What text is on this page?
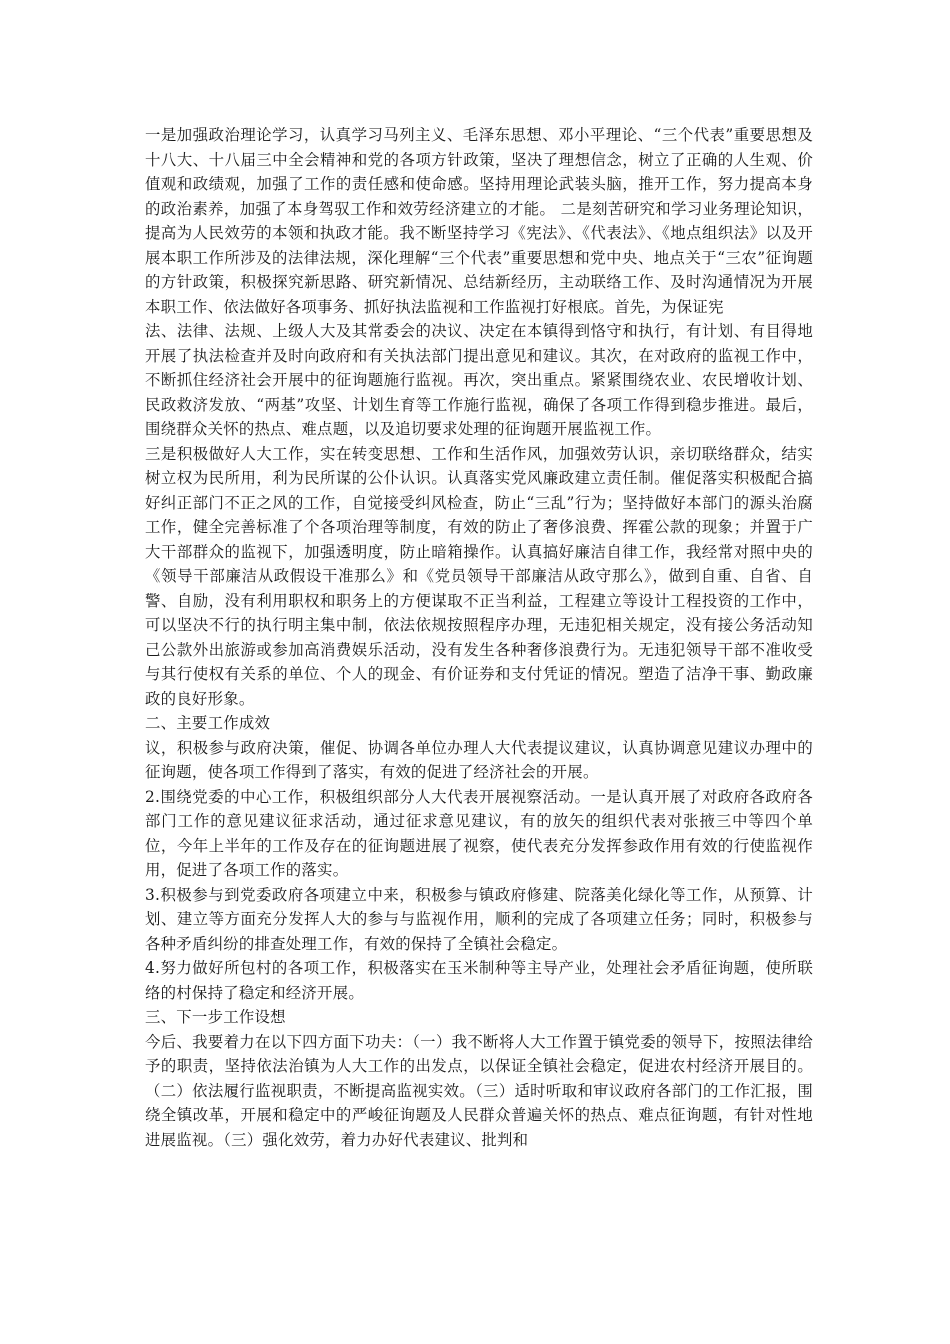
一是加强政治理论学习，认真学习马列主义、毛泽东思想、邓小平理论、“三个代表”重要思想及十八大、十八届三中全会精神和党的各项方针政策，坚决了理想信念，树立了正确的人生观、价值观和政绩观，加强了工作的责任感和使命感。坚持用理论武装头脑，推开工作，努力提高本身的政治素养，加强了本身驾驭工作和效劳经济建立的才能。 二是刻苦研究和学习业务理论知识，提高为人民效劳的本领和执政才能。我不断坚持学习《宪法》、《代表法》、《地点组织法》以及开展本职工作所涉及的法律法规，深化理解“三个代表”重要思想和党中央、地点关于“三农”征询题的方针政策，积极探究新思路、研究新情况、总结新经历，主动联络工作、及时沟通情况为开展本职工作、依法做好各项事务、抓好执法监视和工作监视打好根底。首先，为保证宪

法、法律、法规、上级人大及其常委会的决议、决定在本镇得到恪守和执行，有计划、有目得地开展了执法检查并及时向政府和有关执法部门提出意见和建议。其次，在对政府的监视工作中，不断抓住经济社会开展中的征询题施行监视。再次，突出重点。紧紧围绕农业、农民增收计划、民政救济发放、“两基”攻坚、计划生育等工作施行监视，确保了各项工作得到稳步推进。最后，围绕群众关怀的热点、难点题，以及追切要求处理的征询题开展监视工作。

三是积极做好人大工作，实在转变思想、工作和生活作风，加强效劳认识，亲切联络群众，结实树立权为民所用，利为民所谋的公仆认识。认真落实党风廉政建立责任制。催促落实积极配合搞好纠正部门不正之风的工作，自觉接受纠风检查，防止“三乱”行为；坚持做好本部门的源头治腐工作，健全完善标准了个各项治理等制度，有效的防止了奢侈浪费、挥霍公款的现象；并置于广大干部群众的监视下，加强透明度，防止暗箱操作。认真搞好廉洁自律工作，我经常对照中央的《领导干部廉洁从政假设干准那么》和《党员领导干部廉洁从政守那么》，做到自重、自省、自警、自励，没有利用职权和职务上的方便谋取不正当利益，工程建立等设计工程投资的工作中，可以坚决不行的执行明主集中制，依法依规按照程序办理，无违犯相关规定，没有接公务活动知己公款外出旅游或参加高消费娱乐活动，没有发生各种奢侈浪费行为。无违犯领导干部不准收受与其行使权有关系的单位、个人的现金、有价证券和支付凭证的情况。塑造了洁净干事、勤政廉政的良好形象。

二、主要工作成效

议，积极参与政府决策，催促、协调各单位办理人大代表提议建议，认真协调意见建议办理中的征询题，使各项工作得到了落实，有效的促进了经济社会的开展。

2.围绕党委的中心工作，积极组织部分人大代表开展视察活动。一是认真开展了对政府各政府各部门工作的意见建议征求活动，通过征求意见建议，有的放矢的组织代表对张掖三中等四个单位，今年上半年的工作及存在的征询题进展了视察，使代表充分发挥参政作用有效的行使监视作用，促进了各项工作的落实。

3.积极参与到党委政府各项建立中来，积极参与镇政府修建、院落美化绿化等工作，从预算、计划、建立等方面充分发挥人大的参与与监视作用，顺利的完成了各项建立任务；同时，积极参与各种矛盾纠纷的排查处理工作，有效的保持了全镇社会稳定。

4.努力做好所包村的各项工作，积极落实在玉米制种等主导产业，处理社会矛盾征询题，使所联络的村保持了稳定和经济开展。

三、下一步工作设想

今后、我要着力在以下四方面下功夫：（一）我不断将人大工作置于镇党委的领导下，按照法律给予的职责，坚持依法治镇为人大工作的出发点，以保证全镇社会稳定，促进农村经济开展目的。（二）依法履行监视职责，不断提高监视实效。（三）适时听取和审议政府各部门的工作汇报，围绕全镇改革，开展和稳定中的严峻征询题及人民群众普遍关怀的热点、难点征询题，有针对性地进展监视。（三）强化效劳，着力办好代表建议、批判和
